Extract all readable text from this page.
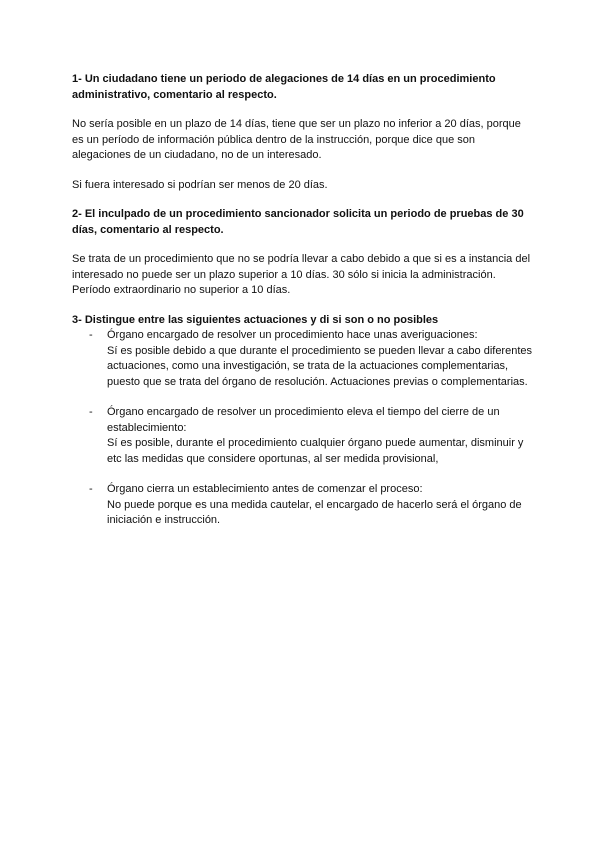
1- Un ciudadano tiene un periodo de alegaciones de 14 días en un procedimiento administrativo, comentario al respecto.

No sería posible en un plazo de 14 días, tiene que ser un plazo no inferior a 20 días, porque es un período de información pública dentro de la instrucción, porque dice que son alegaciones de un ciudadano, no de un interesado.

Si fuera interesado si podrían ser menos de 20 días.

2- El inculpado de un procedimiento sancionador solicita un periodo de pruebas de 30 días, comentario al respecto.

Se trata de un procedimiento que no se podría llevar a cabo debido a que si es a instancia del interesado no puede ser un plazo superior a 10 días. 30 sólo si inicia la administración. Período extraordinario no superior a 10 días.

3- Distingue entre las siguientes actuaciones y di si son o no posibles

- Órgano encargado de resolver un procedimiento hace unas averiguaciones:
Sí es posible debido a que durante el procedimiento se pueden llevar a cabo diferentes actuaciones, como una investigación, se trata de la actuaciones complementarias, puesto que se trata del órgano de resolución. Actuaciones previas o complementarias.
- Órgano encargado de resolver un procedimiento eleva el tiempo del cierre de un establecimiento:
Sí es posible, durante el procedimiento cualquier órgano puede aumentar, disminuir y etc las medidas que considere oportunas, al ser medida provisional,
- Órgano cierra un establecimiento antes de comenzar el proceso:
No puede porque es una medida cautelar, el encargado de hacerlo será el órgano de iniciación e instrucción.
